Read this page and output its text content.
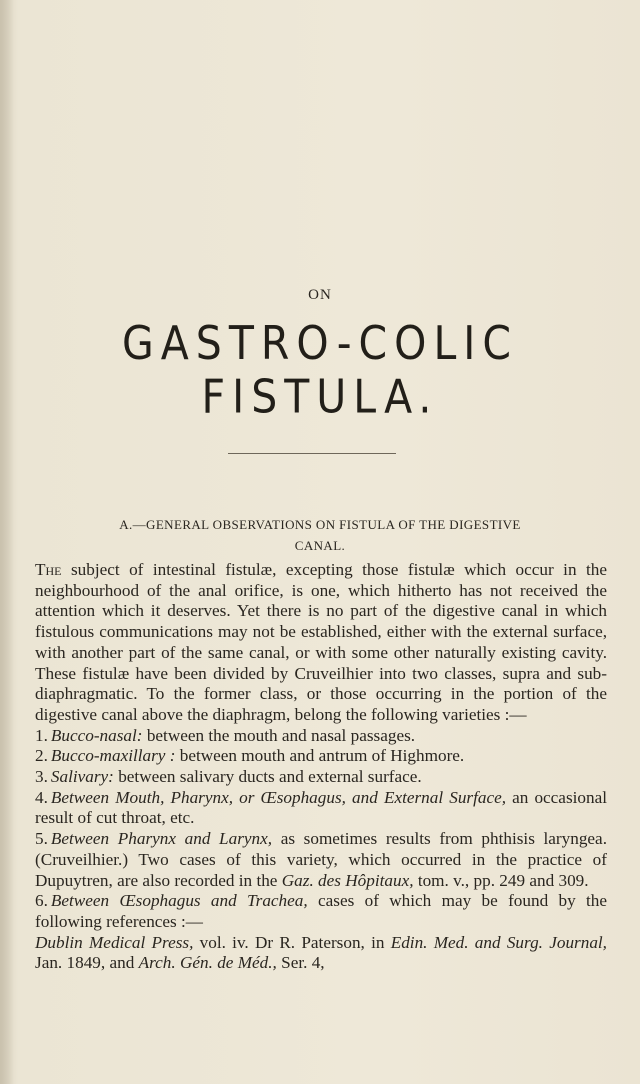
ON
GASTRO-COLIC FISTULA.
A.—GENERAL OBSERVATIONS ON FISTULA OF THE DIGESTIVE
CANAL.

The subject of intestinal fistulæ, excepting those fistulæ which occur in the neighbourhood of the anal orifice, is one, which hitherto has not received the attention which it deserves. Yet there is no part of the digestive canal in which fistulous communications may not be established, either with the external surface, with another part of the same canal, or with some other naturally existing cavity. These fistulæ have been divided by Cruveilhier into two classes, supra and sub-diaphragmatic. To the former class, or those occurring in the portion of the digestive canal above the diaphragm, belong the following varieties :—

1. Bucco-nasal: between the mouth and nasal passages.

2. Bucco-maxillary : between mouth and antrum of Highmore.

3. Salivary: between salivary ducts and external surface.

4. Between Mouth, Pharynx, or Œsophagus, and External Surface, an occasional result of cut throat, etc.

5. Between Pharynx and Larynx, as sometimes results from phthisis laryngea. (Cruveilhier.) Two cases of this variety, which occurred in the practice of Dupuytren, are also recorded in the Gaz. des Hôpitaux, tom. v., pp. 249 and 309.

6. Between Œsophagus and Trachea, cases of which may be found by the following references :—

Dublin Medical Press, vol. iv. Dr R. Paterson, in Edin. Med. and Surg. Journal, Jan. 1849, and Arch. Gén. de Méd., Ser. 4,
